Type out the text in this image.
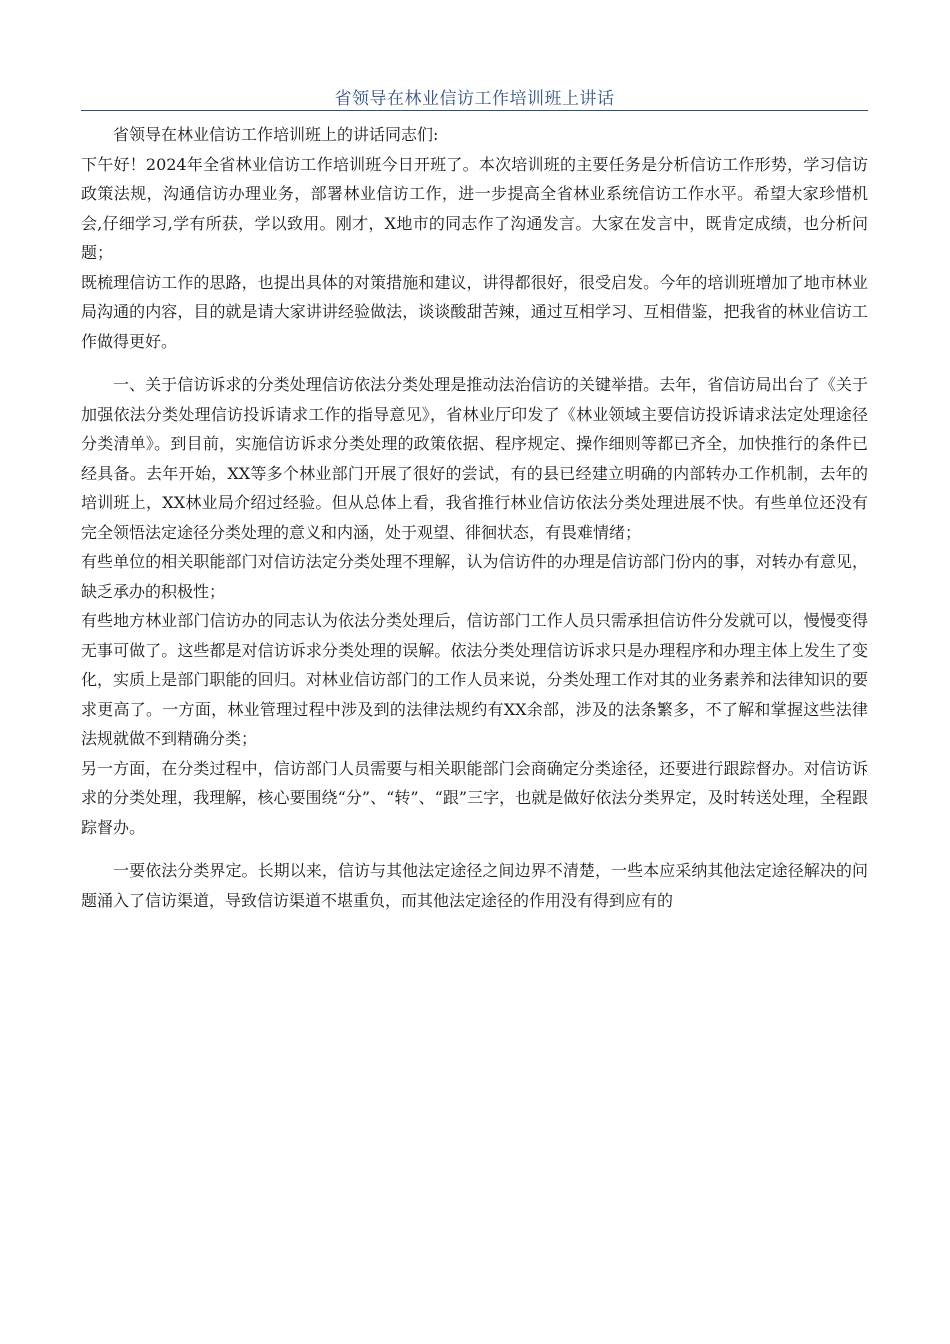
省领导在林业信访工作培训班上讲话

省领导在林业信访工作培训班上的讲话同志们:

下午好！2024年全省林业信访工作培训班今日开班了。本次培训班的主要任务是分析信访工作形势，学习信访政策法规，沟通信访办理业务，部署林业信访工作，进一步提高全省林业系统信访工作水平。希望大家珍惜机会,仔细学习,学有所获，学以致用。刚才，X地市的同志作了沟通发言。大家在发言中，既肯定成绩，也分析问题；

既梳理信访工作的思路，也提出具体的对策措施和建议，讲得都很好，很受启发。今年的培训班增加了地市林业局沟通的内容，目的就是请大家讲讲经验做法，谈谈酸甜苦辣，通过互相学习、互相借鉴，把我省的林业信访工作做得更好。

一、关于信访诉求的分类处理信访依法分类处理是推动法治信访的关键举措。去年，省信访局出台了《关于加强依法分类处理信访投诉请求工作的指导意见》，省林业厅印发了《林业领域主要信访投诉请求法定处理途径分类清单》。到目前，实施信访诉求分类处理的政策依据、程序规定、操作细则等都已齐全，加快推行的条件已经具备。去年开始，XX等多个林业部门开展了很好的尝试，有的县已经建立明确的内部转办工作机制，去年的培训班上，XX林业局介绍过经验。但从总体上看，我省推行林业信访依法分类处理进展不快。有些单位还没有完全领悟法定途径分类处理的意义和内涵，处于观望、徘徊状态，有畏难情绪；

有些单位的相关职能部门对信访法定分类处理不理解，认为信访件的办理是信访部门份内的事，对转办有意见，缺乏承办的积极性；

有些地方林业部门信访办的同志认为依法分类处理后，信访部门工作人员只需承担信访件分发就可以，慢慢变得无事可做了。这些都是对信访诉求分类处理的误解。依法分类处理信访诉求只是办理程序和办理主体上发生了变化，实质上是部门职能的回归。对林业信访部门的工作人员来说，分类处理工作对其的业务素养和法律知识的要求更高了。一方面，林业管理过程中涉及到的法律法规约有XX余部，涉及的法条繁多，不了解和掌握这些法律法规就做不到精确分类；

另一方面，在分类过程中，信访部门人员需要与相关职能部门会商确定分类途径，还要进行跟踪督办。对信访诉求的分类处理，我理解，核心要围绕“分”、“转”、“跟”三字，也就是做好依法分类界定，及时转送处理，全程跟踪督办。

一要依法分类界定。长期以来，信访与其他法定途径之间边界不清楚，一些本应采纳其他法定途径解决的问题涌入了信访渠道，导致信访渠道不堪重负，而其他法定途径的作用没有得到应有的
